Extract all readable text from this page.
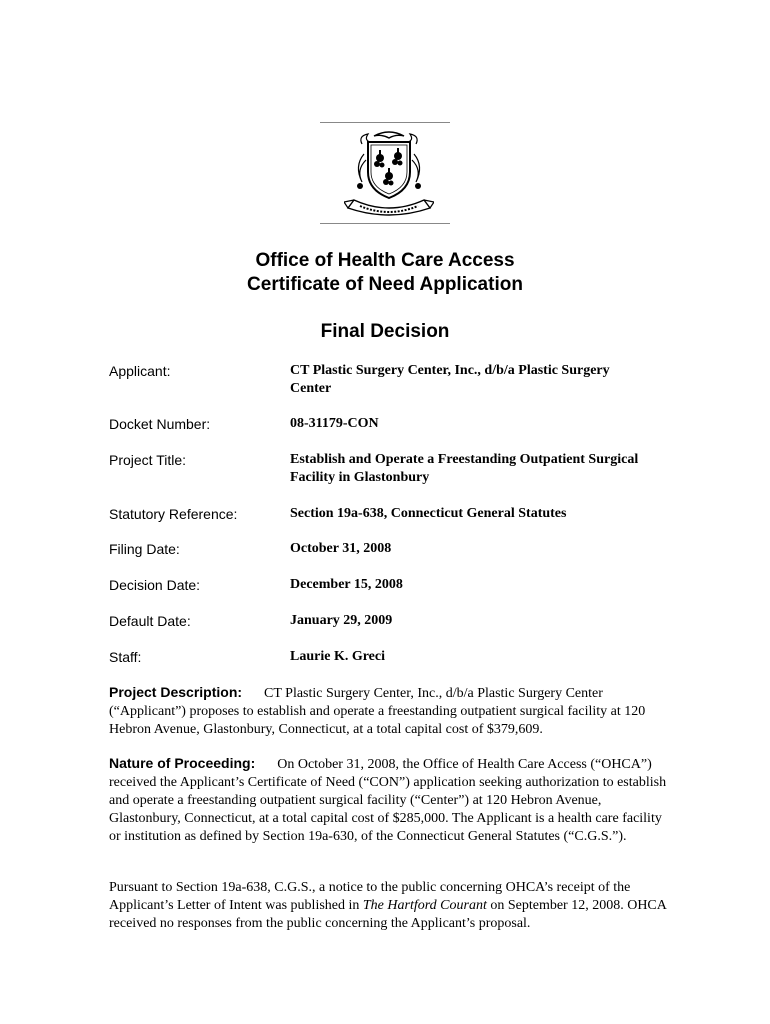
Office of Health Care Access
Certificate of Need Application
Final Decision
Applicant:	CT Plastic Surgery Center, Inc., d/b/a Plastic Surgery Center
Docket Number:	08-31179-CON
Project Title:	Establish and Operate a Freestanding Outpatient Surgical Facility in Glastonbury
Statutory Reference:	Section 19a-638, Connecticut General Statutes
Filing Date:	October 31, 2008
Decision Date:	December 15, 2008
Default Date:	January 29, 2009
Staff:	Laurie K. Greci
Project Description: CT Plastic Surgery Center, Inc., d/b/a Plastic Surgery Center (“Applicant”) proposes to establish and operate a freestanding outpatient surgical facility at 120 Hebron Avenue, Glastonbury, Connecticut, at a total capital cost of $379,609.
Nature of Proceeding: On October 31, 2008, the Office of Health Care Access (“OHCA”) received the Applicant’s Certificate of Need (“CON”) application seeking authorization to establish and operate a freestanding outpatient surgical facility (“Center”) at 120 Hebron Avenue, Glastonbury, Connecticut, at a total capital cost of $285,000. The Applicant is a health care facility or institution as defined by Section 19a-630, of the Connecticut General Statutes (“C.G.S.”).
Pursuant to Section 19a-638, C.G.S., a notice to the public concerning OHCA’s receipt of the Applicant’s Letter of Intent was published in The Hartford Courant on September 12, 2008. OHCA received no responses from the public concerning the Applicant’s proposal.
